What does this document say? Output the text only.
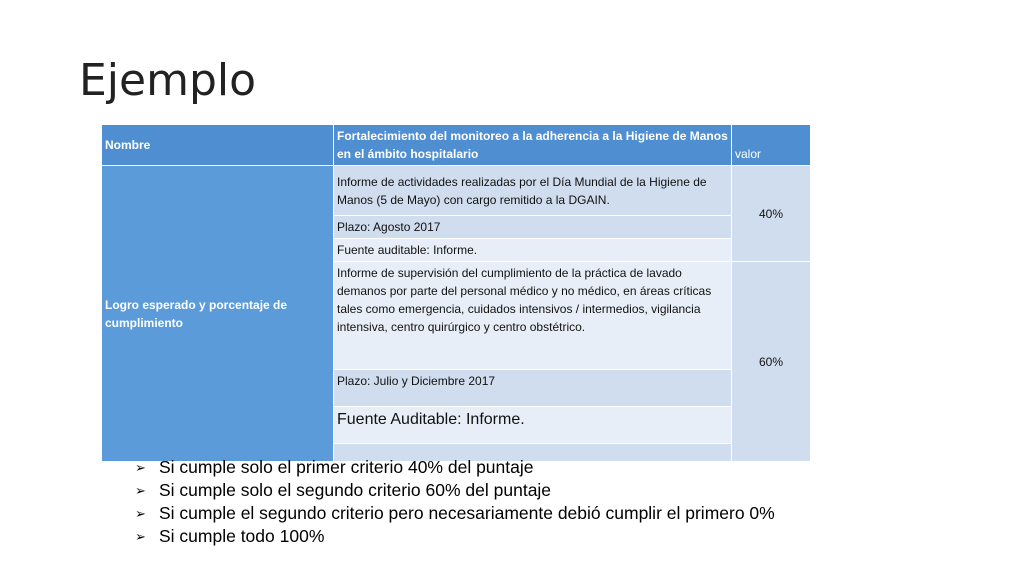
Ejemplo
Nombre	Fortalecimiento del monitoreo a la adherencia a la Higiene de Manos en el ámbito hospitalario	valor
Logro esperado y porcentaje de cumplimiento	Informe de actividades realizadas por el Día Mundial de la Higiene de Manos (5 de Mayo) con cargo remitido a la DGAIN.	40%
	Plazo: Agosto 2017	
	Fuente auditable: Informe.	
	Informe de supervisión del cumplimiento de la práctica de lavado demanos por parte del personal médico y no médico, en áreas críticas tales como emergencia, cuidados intensivos / intermedios, vigilancia intensiva, centro quirúrgico y centro obstétrico.	60%
	Plazo: Julio y Diciembre 2017	
	Fuente Auditable: Informe.	

➢ Si cumple solo el primer criterio 40% del puntaje
➢ Si cumple solo el segundo criterio 60% del puntaje
➢ Si cumple el segundo criterio pero necesariamente debió cumplir el primero 0%
➢ Si cumple todo 100%
